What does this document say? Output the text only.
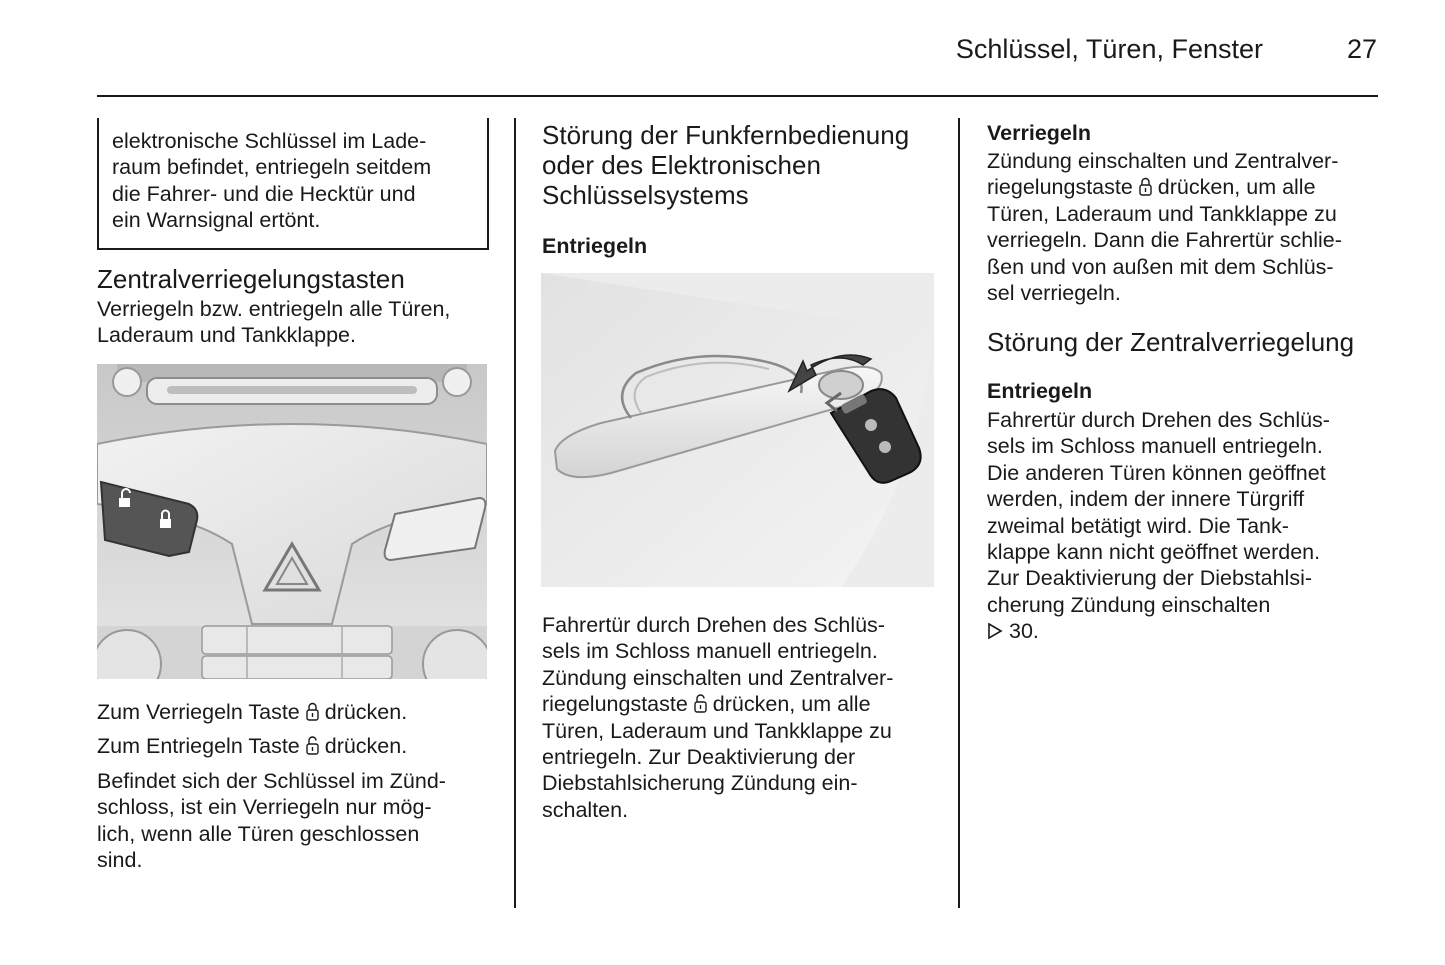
Schlüssel, Türen, Fenster	27

elektronische Schlüssel im Lade-
raum befindet, entriegeln seitdem
die Fahrer- und die Hecktür und
ein Warnsignal ertönt.

Zentralverriegelungstasten

Verriegeln bzw. entriegeln alle Türen,
Laderaum und Tankklappe.

Zum Verriegeln Taste drücken.

Zum Entriegeln Taste drücken.

Befindet sich der Schlüssel im Zünd-
schloss, ist ein Verriegeln nur mög-
lich, wenn alle Türen geschlossen
sind.

Störung der Funkfernbedienung
oder des Elektronischen
Schlüsselsystems
Entriegeln

Fahrertür durch Drehen des Schlüs-
sels im Schloss manuell entriegeln.
Zündung einschalten und Zentralver-
riegelungstaste drücken, um alle
Türen, Laderaum und Tankklappe zu
entriegeln. Zur Deaktivierung der
Diebstahlsicherung Zündung ein-
schalten.

Verriegeln

Zündung einschalten und Zentralver-
riegelungstaste drücken, um alle
Türen, Laderaum und Tankklappe zu
verriegeln. Dann die Fahrertür schlie-
ßen und von außen mit dem Schlüs-
sel verriegeln.

Störung der Zentralverriegelung
Entriegeln

Fahrertür durch Drehen des Schlüs-
sels im Schloss manuell entriegeln.
Die anderen Türen können geöffnet
werden, indem der innere Türgriff
zweimal betätigt wird. Die Tank-
klappe kann nicht geöffnet werden.
Zur Deaktivierung der Diebstahlsi-
cherung Zündung einschalten
30.
